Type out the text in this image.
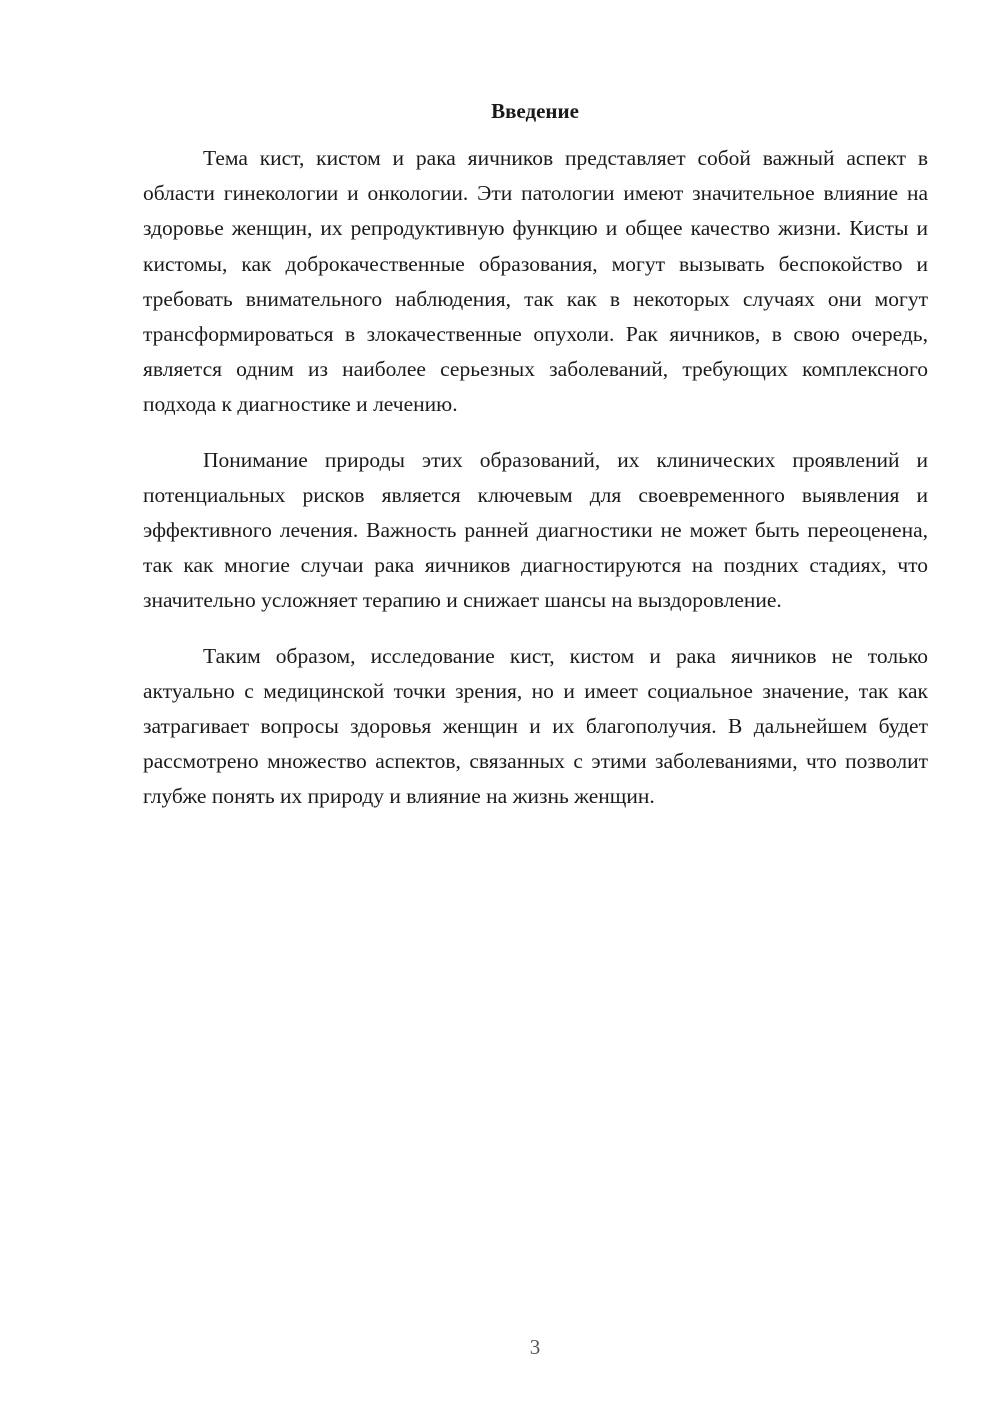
Введение

Тема кист, кистом и рака яичников представляет собой важный аспект в области гинекологии и онкологии. Эти патологии имеют значительное влияние на здоровье женщин, их репродуктивную функцию и общее качество жизни. Кисты и кистомы, как доброкачественные образования, могут вызывать беспокойство и требовать внимательного наблюдения, так как в некоторых случаях они могут трансформироваться в злокачественные опухоли. Рак яичников, в свою очередь, является одним из наиболее серьезных заболеваний, требующих комплексного подхода к диагностике и лечению.

Понимание природы этих образований, их клинических проявлений и потенциальных рисков является ключевым для своевременного выявления и эффективного лечения. Важность ранней диагностики не может быть переоценена, так как многие случаи рака яичников диагностируются на поздних стадиях, что значительно усложняет терапию и снижает шансы на выздоровление.

Таким образом, исследование кист, кистом и рака яичников не только актуально с медицинской точки зрения, но и имеет социальное значение, так как затрагивает вопросы здоровья женщин и их благополучия. В дальнейшем будет рассмотрено множество аспектов, связанных с этими заболеваниями, что позволит глубже понять их природу и влияние на жизнь женщин.

3
